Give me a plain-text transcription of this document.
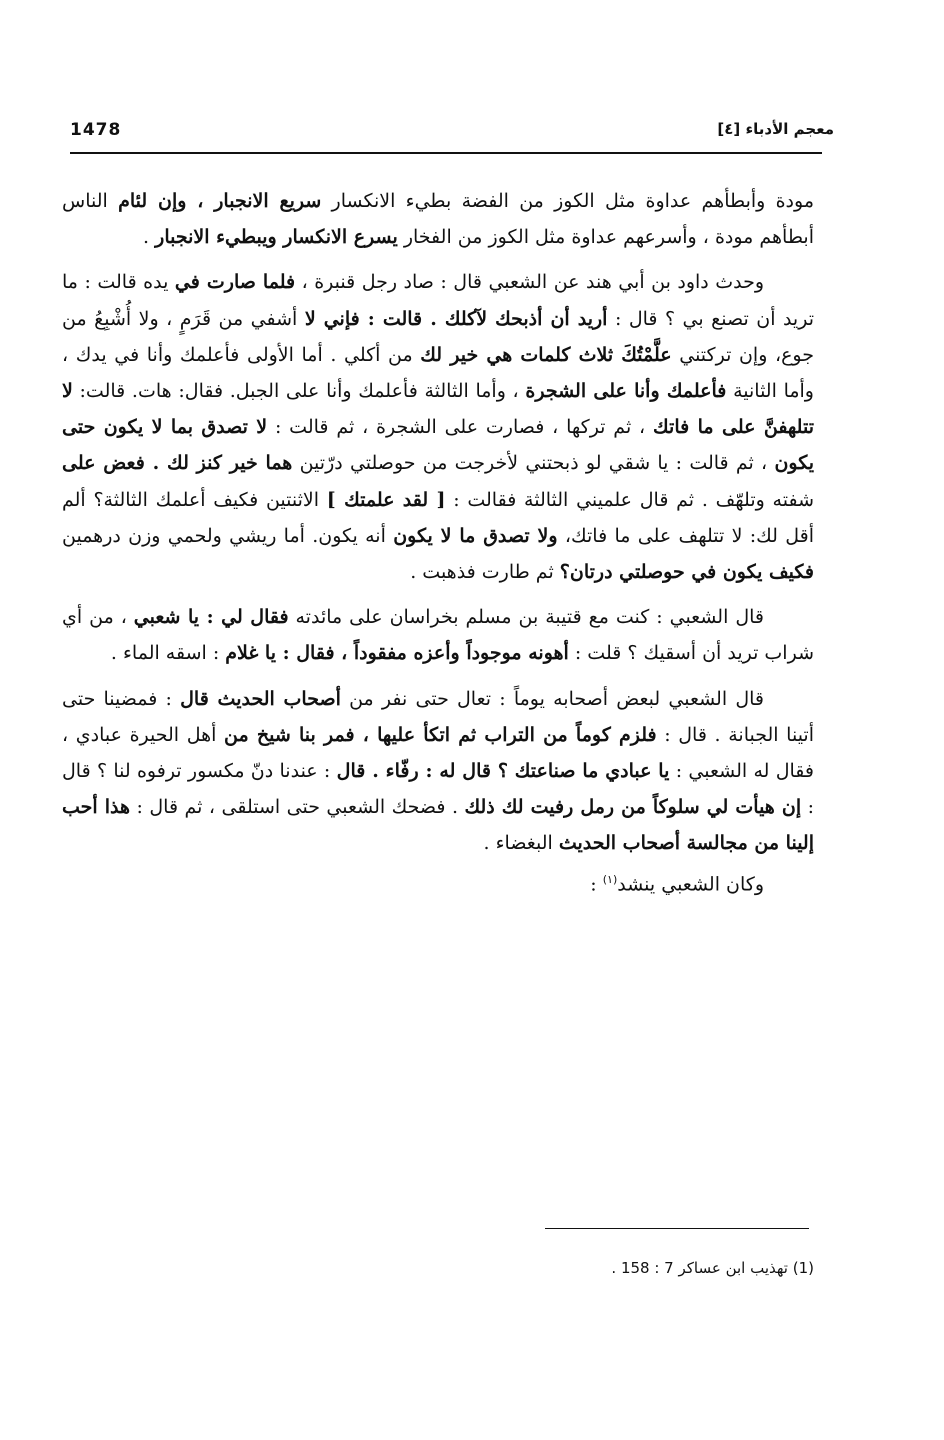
1478	معجم الأدباء [٤]

مودة وأبطأهم عداوة مثل الكوز من الفضة بطيء الانكسار سريع الانجبار ، وإن لئام الناس أبطأهم مودة ، وأسرعهم عداوة مثل الكوز من الفخار يسرع الانكسار ويبطيء الانجبار .

وحدث داود بن أبي هند عن الشعبي قال : صاد رجل قنبرة ، فلما صارت في يده قالت : ما تريد أن تصنع بي ؟ قال : أريد أن أذبحك لآكلك . قالت : فإني لا أشفي من قَرَمٍ ، ولا أُشْبِعُ من جوع، وإن تركتني علَّمْتُكَ ثلاث كلمات هي خير لك من أكلي . أما الأولى فأعلمك وأنا في يدك ، وأما الثانية فأعلمك وأنا على الشجرة ، وأما الثالثة فأعلمك وأنا على الجبل. فقال: هات. قالت: لا تتلهفنَّ على ما فاتك ، ثم تركها ، فصارت على الشجرة ، ثم قالت : لا تصدق بما لا يكون حتى يكون ، ثم قالت : يا شقي لو ذبحتني لأخرجت من حوصلتي درّتين هما خير كنز لك . فعض على شفته وتلهّف . ثم قال علميني الثالثة فقالت : [ لقد علمتك ] الاثنتين فكيف أعلمك الثالثة؟ ألم أقل لك: لا تتلهف على ما فاتك، ولا تصدق ما لا يكون أنه يكون. أما ريشي ولحمي وزن درهمين فكيف يكون في حوصلتي درتان؟ ثم طارت فذهبت .

قال الشعبي : كنت مع قتيبة بن مسلم بخراسان على مائدته فقال لي : يا شعبي ، من أي شراب تريد أن أسقيك ؟ قلت : أهونه موجوداً وأعزه مفقوداً ، فقال : يا غلام : اسقه الماء .

قال الشعبي لبعض أصحابه يوماً : تعال حتى نفر من أصحاب الحديث قال : فمضينا حتى أتينا الجبانة . قال : فلزم كوماً من التراب ثم اتكأ عليها ، فمر بنا شيخ من أهل الحيرة عبادي ، فقال له الشعبي : يا عبادي ما صناعتك ؟ قال له : رفّاء . قال : عندنا دنّ مكسور ترفوه لنا ؟ قال : إن هيأت لي سلوكاً من رمل رفيت لك ذلك . فضحك الشعبي حتى استلقى ، ثم قال : هذا أحب إلينا من مجالسة أصحاب الحديث البغضاء .

وكان الشعبي ينشد$^{(١)}$ :

(1) تهذيب ابن عساكر 7 : 158 .
